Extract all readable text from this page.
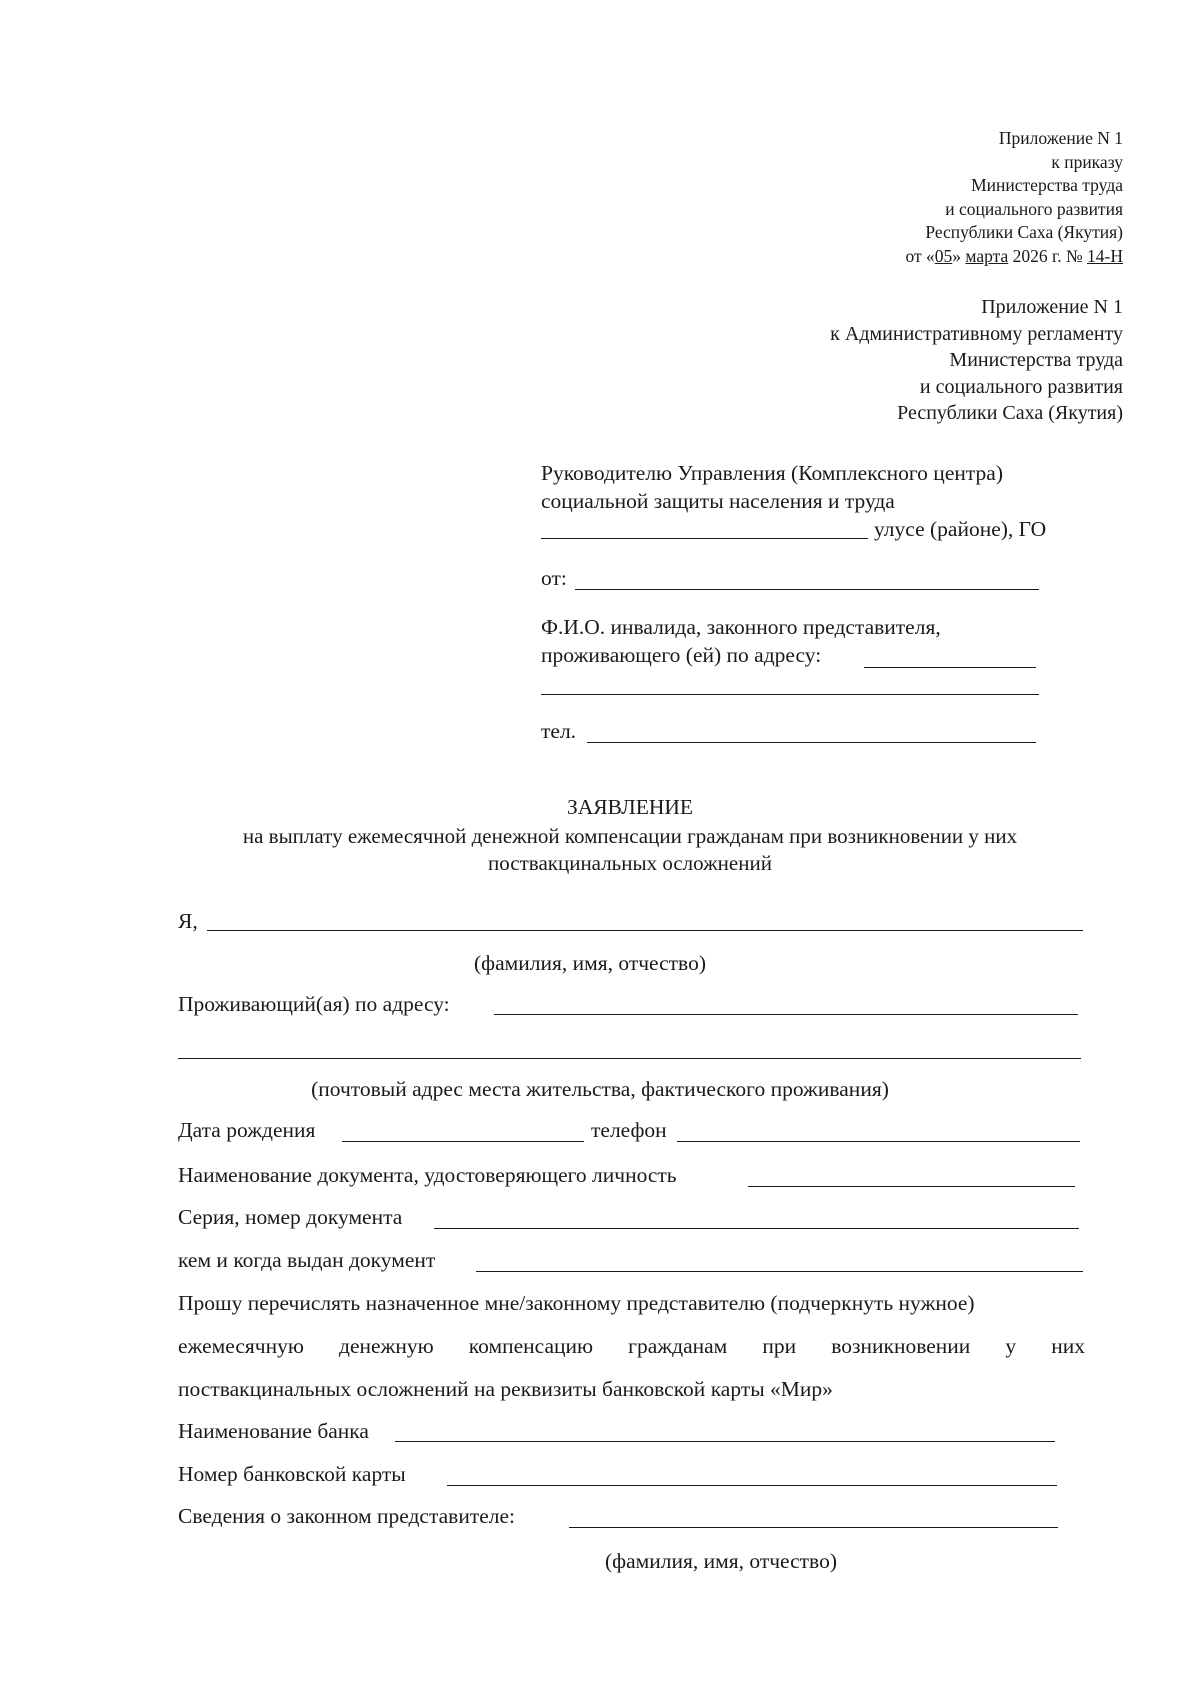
Приложение N 1
к приказу
Министерства труда
и социального развития
Республики Саха (Якутия)
от «05» марта 2026 г. № 14-Н
Приложение N 1
к Административному регламенту
Министерства труда
и социального развития
Республики Саха (Якутия)
Руководителю Управления (Комплексного центра)
социальной защиты населения и труда
улусе (районе), ГО
от:
Ф.И.О. инвалида, законного представителя,
проживающего (ей) по адресу:
тел.
ЗАЯВЛЕНИЕ
на выплату ежемесячной денежной компенсации гражданам при возникновении у них
поствакцинальных осложнений
Я,
(фамилия, имя, отчество)
Проживающий(ая) по адресу:
(почтовый адрес места жительства, фактического проживания)
Дата рождения	телефон
Наименование документа, удостоверяющего личность
Серия, номер документа
кем и когда выдан документ
Прошу перечислять назначенное мне/законному представителю (подчеркнуть нужное)
ежемесячную денежную компенсацию гражданам при возникновении у них
поствакцинальных осложнений на реквизиты банковской карты «Мир»
Наименование банка
Номер банковской карты
Сведения о законном представителе:
(фамилия, имя, отчество)
